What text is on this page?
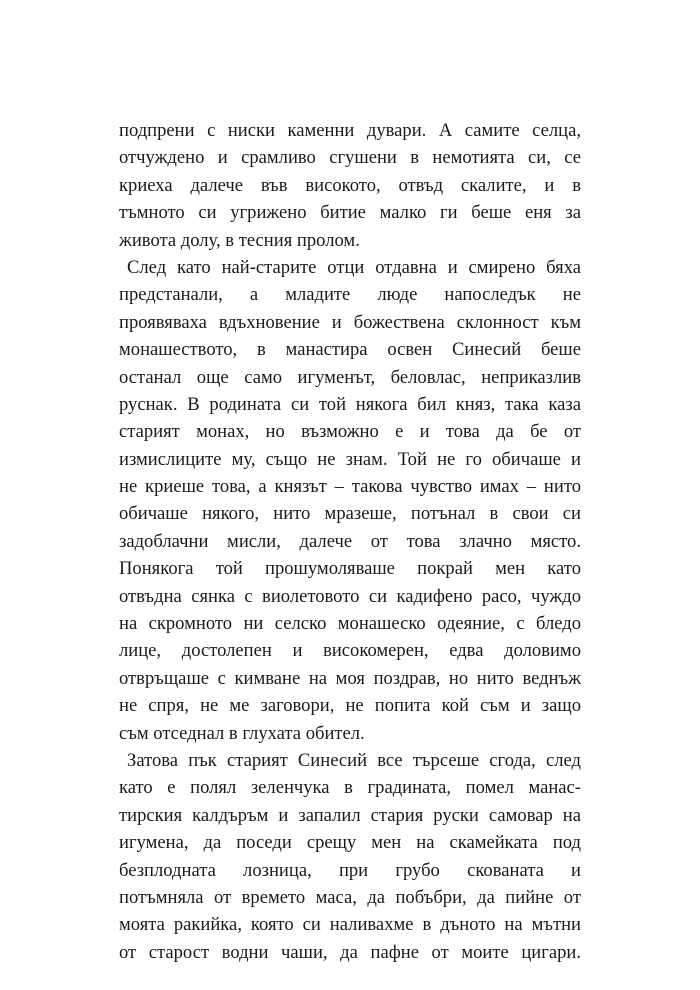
подпрени с ниски каменни дувари. А самите селца,
отчуждено и срамливо сгушени в немотията си, се
криеха далече във високото, отвъд скалите, и в
тъмното си угрижено битие малко ги беше еня за
живота долу, в тесния пролом.
След като най-старите отци отдавна и смирено бяха
предстанали, а младите люде напоследък не
проявяваха вдъхновение и божествена склонност към
монашеството, в манастира освен Синесий беше
останал още само игуменът, беловлас, неприказлив
руснак. В родината си той някога бил княз, така каза
старият монах, но възможно е и това да бе от
измислиците му, също не знам. Той не го обичаше и
не криеше това, а князът – такова чувство имах – нито
обичаше някого, нито мразеше, потънал в свои си
задоблачни мисли, далече от това злачно място.
Понякога той прошумоляваше покрай мен като
отвъдна сянка с виолетовото си кадифено расо, чуждо
на скромното ни селско монашеско одеяние, с бледо
лице, достолепен и високомерен, едва доловимо
отвръщаше с кимване на моя поздрав, но нито веднъж
не спря, не ме заговори, не попита кой съм и защо
съм отседнал в глухата обител.
Затова пък старият Синесий все търсеше сгода, след
като е полял зеленчука в градината, помел манас-
тирския калдъръм и запалил стария руски самовар на
игумена, да поседи срещу мен на скамейката под
безплодната лозница, при грубо скованата и
потъмняла от времето маса, да побъбри, да пийне от
моята ракийка, която си наливахме в дъното на мътни
от старост водни чаши, да пафне от моите цигари.
